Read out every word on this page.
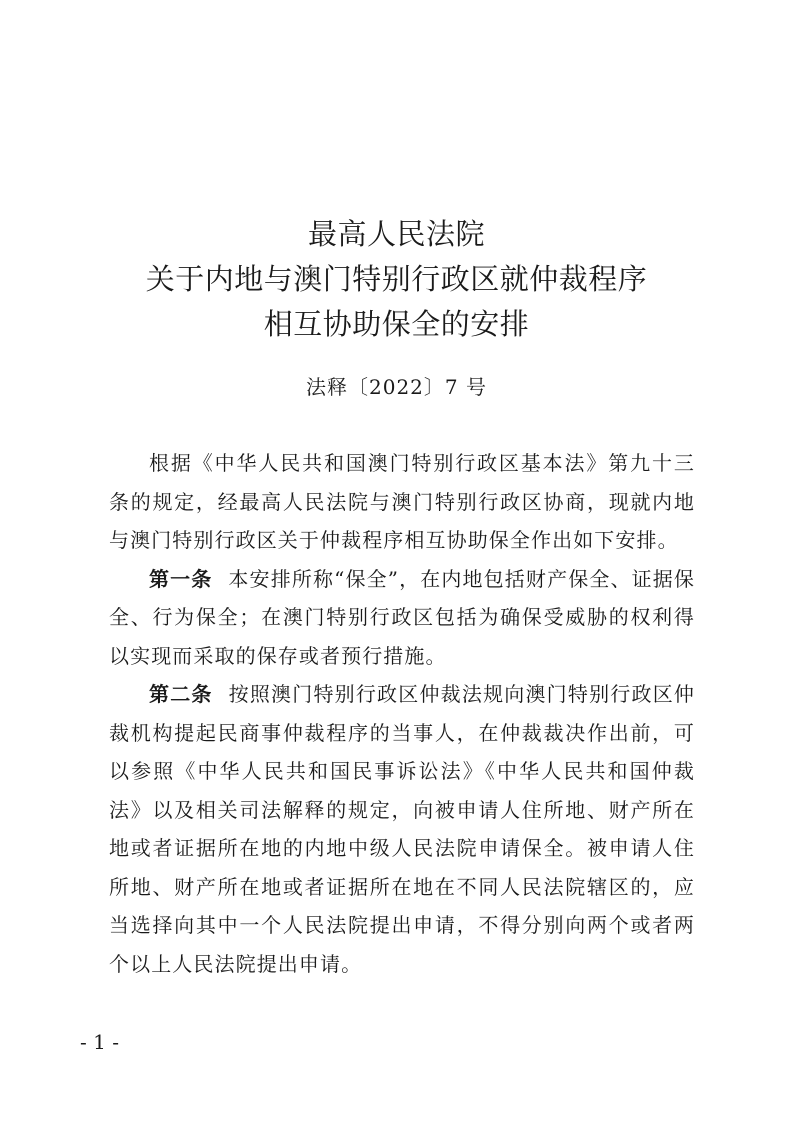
最高人民法院
关于内地与澳门特别行政区就仲裁程序
相互协助保全的安排
法释〔2022〕7 号

根据《中华人民共和国澳门特别行政区基本法》第九十三条的规定，经最高人民法院与澳门特别行政区协商，现就内地与澳门特别行政区关于仲裁程序相互协助保全作出如下安排。

第一条 本安排所称“保全”，在内地包括财产保全、证据保全、行为保全；在澳门特别行政区包括为确保受威胁的权利得以实现而采取的保存或者预行措施。

第二条 按照澳门特别行政区仲裁法规向澳门特别行政区仲裁机构提起民商事仲裁程序的当事人，在仲裁裁决作出前，可以参照《中华人民共和国民事诉讼法》《中华人民共和国仲裁法》以及相关司法解释的规定，向被申请人住所地、财产所在地或者证据所在地的内地中级人民法院申请保全。被申请人住所地、财产所在地或者证据所在地在不同人民法院辖区的，应当选择向其中一个人民法院提出申请，不得分别向两个或者两个以上人民法院提出申请。

- 1 -
